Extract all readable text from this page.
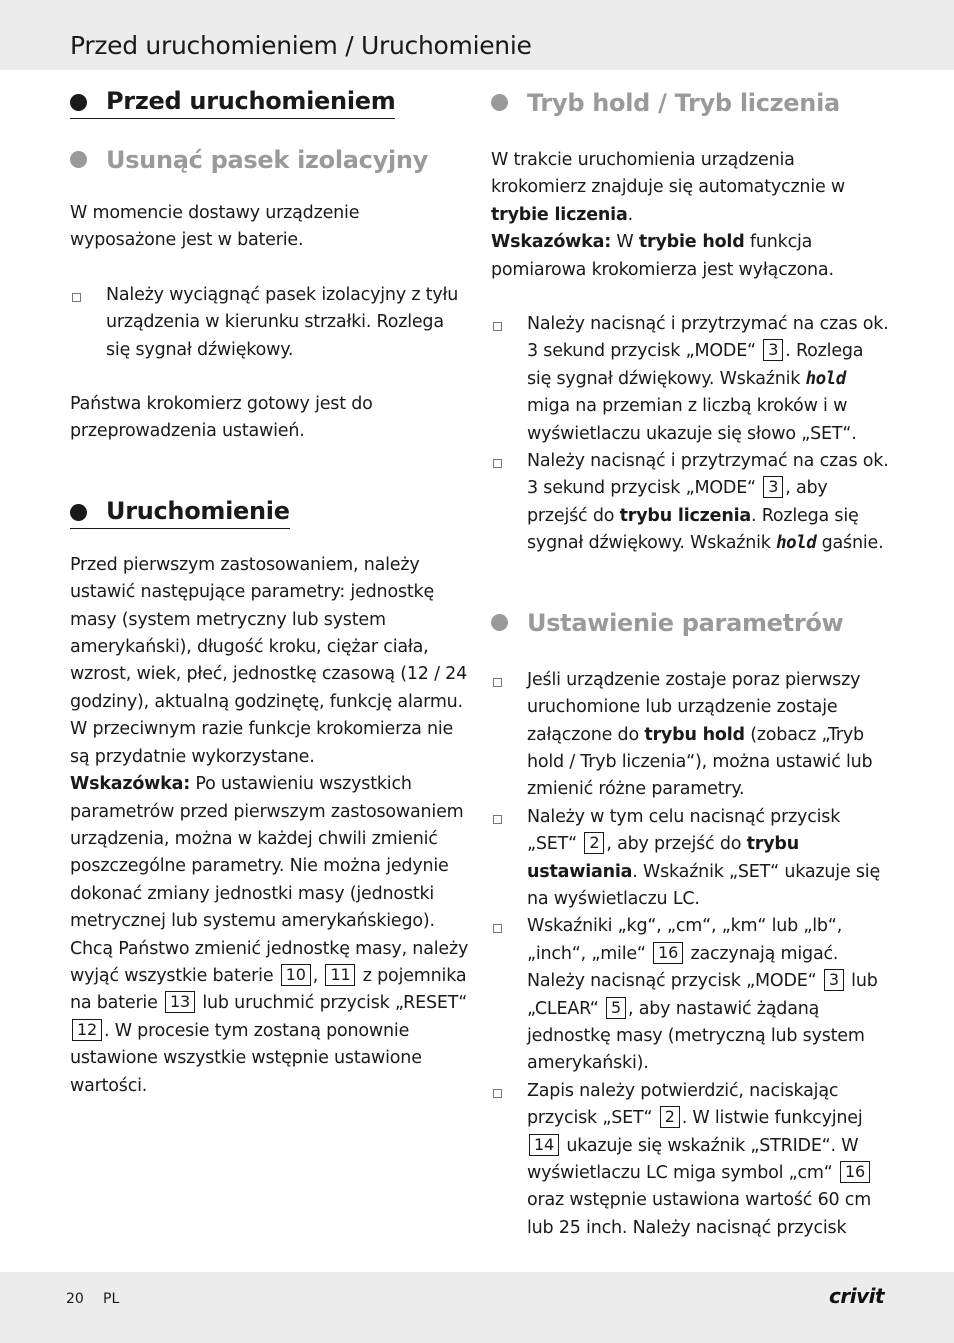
Przed uruchomieniem / Uruchomienie
Przed uruchomieniem
Usunąć pasek izolacyjny

W momencie dostawy urządzenie wyposażone jest w baterie.

Należy wyciągnąć pasek izolacyjny z tyłu urządzenia w kierunku strzałki. Rozlega się sygnał dźwiękowy.

Państwa krokomierz gotowy jest do przeprowadzenia ustawień.

Uruchomienie

Przed pierwszym zastosowaniem, należy ustawić następujące parametry: jednostkę masy (system metryczny lub system amerykański), długość kroku, ciężar ciała, wzrost, wiek, płeć, jednostkę czasową (12 / 24 godziny), aktualną godzinętę, funkcję alarmu. W przeciwnym razie funkcje krokomierza nie są przydatnie wykorzystane.

Wskazówka: Po ustawieniu wszystkich parametrów przed pierwszym zastosowaniem urządzenia, można w każdej chwili zmienić poszczególne parametry. Nie można jedynie dokonać zmiany jednostki masy (jednostki metrycznej lub systemu amerykańskiego). Chcą Państwo zmienić jednostkę masy, należy wyjąć wszystkie baterie 10 , 11 z pojemnika na baterie 13 lub uruchmić przycisk „RESET“ 12 . W procesie tym zostaną ponownie ustawione wszystkie wstępnie ustawione wartości.

Tryb hold / Tryb liczenia

W trakcie uruchomienia urządzenia krokomierz znajduje się automatycznie w trybie liczenia.

Wskazówka: W trybie hold funkcja pomiarowa krokomierza jest wyłączona.

Należy nacisnąć i przytrzymać na czas ok. 3 sekund przycisk „MODE“ 3 . Rozlega się sygnał dźwiękowy. Wskaźnik hold miga na przemian z liczbą kroków i w wyświetlaczu ukazuje się słowo „SET“.
Należy nacisnąć i przytrzymać na czas ok. 3 sekund przycisk „MODE“ 3 , aby przejść do trybu liczenia. Rozlega się sygnał dźwiękowy. Wskaźnik hold gaśnie.
Ustawienie parametrów
Jeśli urządzenie zostaje poraz pierwszy uruchomione lub urządzenie zostaje załączone do trybu hold (zobacz „Tryb hold / Tryb liczenia“), można ustawić lub zmienić różne parametry.
Należy w tym celu nacisnąć przycisk „SET“ 2 , aby przejść do trybu ustawiania. Wskaźnik „SET“ ukazuje się na wyświetlaczu LC.
Wskaźniki „kg“, „cm“, „km“ lub „lb“, „inch“, „mile“ 16 zaczynają migać. Należy nacisnąć przycisk „MODE“ 3 lub „CLEAR“ 5 , aby nastawić żądaną jednostkę masy (metryczną lub system amerykański).
Zapis należy potwierdzić, naciskając przycisk „SET“ 2 . W listwie funkcyjnej 14 ukazuje się wskaźnik „STRIDE“. W wyświetlaczu LC miga symbol „cm“ 16 oraz wstępnie ustawiona wartość 60 cm lub 25 inch. Należy nacisnąć przycisk
20 PL	crivit
